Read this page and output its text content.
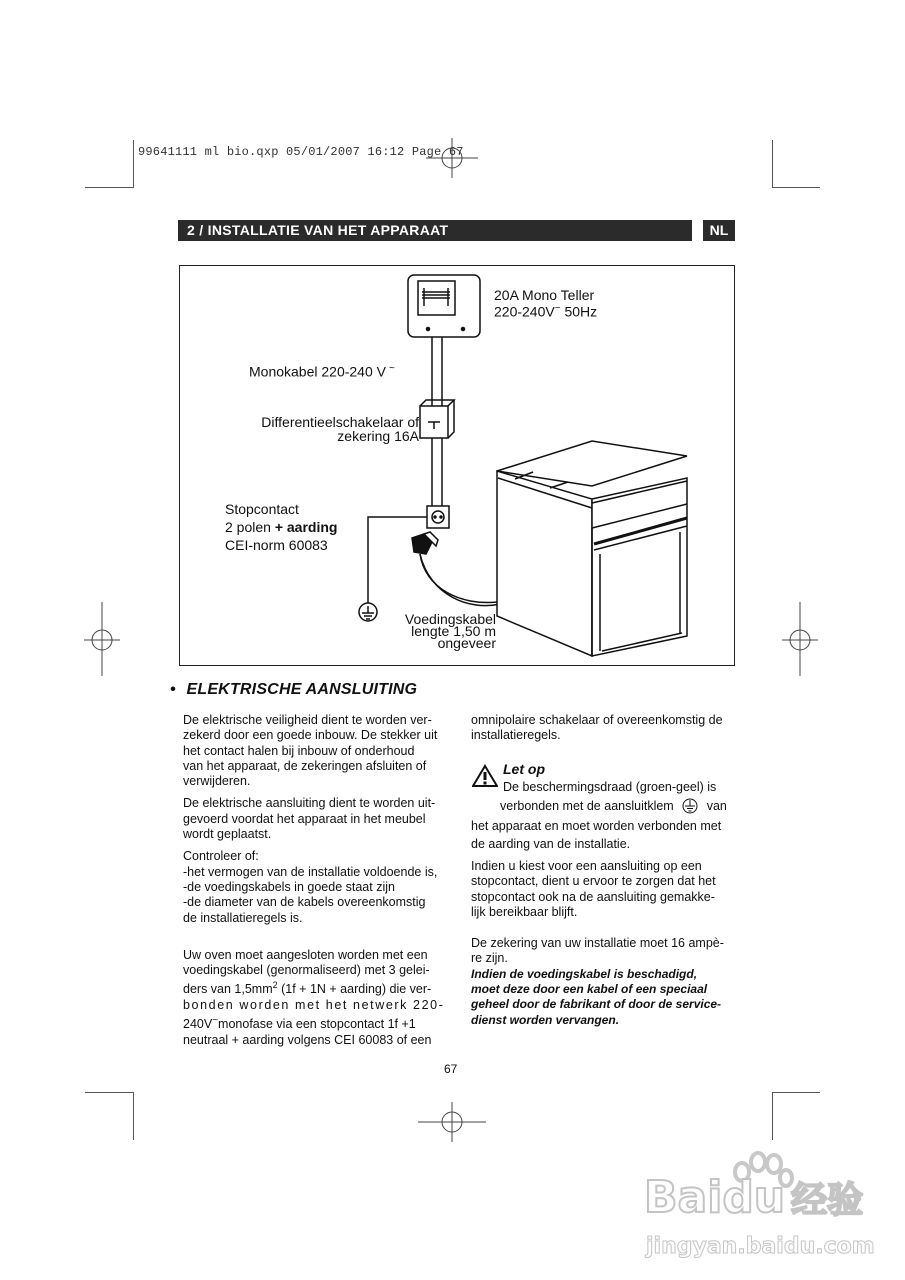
99641111 ml bio.qxp 05/01/2007 16:12 Page 67
2 / INSTALLATIE VAN HET APPARAAT	NL
20A Mono Teller
220-240V~ 50Hz
Monokabel 220-240 V ~
Differentieelschakelaar of
zekering 16A
Stopcontact
2 polen + aarding
CEI-norm 60083
Voedingskabel
lengte 1,50 m
ongeveer
• ELEKTRISCHE AANSLUITING

De elektrische veiligheid dient te worden ver-
zekerd door een goede inbouw. De stekker uit
het contact halen bij inbouw of onderhoud
van het apparaat, de zekeringen afsluiten of
verwijderen.

De elektrische aansluiting dient te worden uit-
gevoerd voordat het apparaat in het meubel
wordt geplaatst.

Controleer of:
-het vermogen van de installatie voldoende is,
-de voedingskabels in goede staat zijn
-de diameter van de kabels overeenkomstig
de installatieregels is.

Uw oven moet aangesloten worden met een
voedingskabel (genormaliseerd) met 3 gelei-
ders van $1,5mm^2$ (1f + 1N + aarding) die ver-
bonden worden met het netwerk 220-
240V~monofase via een stopcontact 1f +1
neutraal + aarding volgens CEI 60083 of een

omnipolaire schakelaar of overeenkomstig de
installatieregels.

Let op
De beschermingsdraad (groen-geel) is
verbonden met de aansluitklem	van
het apparaat en moet worden verbonden met
de aarding van de installatie.

Indien u kiest voor een aansluiting op een
stopcontact, dient u ervoor te zorgen dat het
stopcontact ook na de aansluiting gemakke-
lijk bereikbaar blijft.

De zekering van uw installatie moet 16 ampè-
re zijn.

Indien de voedingskabel is beschadigd,
moet deze door een kabel of een speciaal
geheel door de fabrikant of door de service-
dienst worden vervangen.

67
Baidu 经验
jingyan.baidu.com
